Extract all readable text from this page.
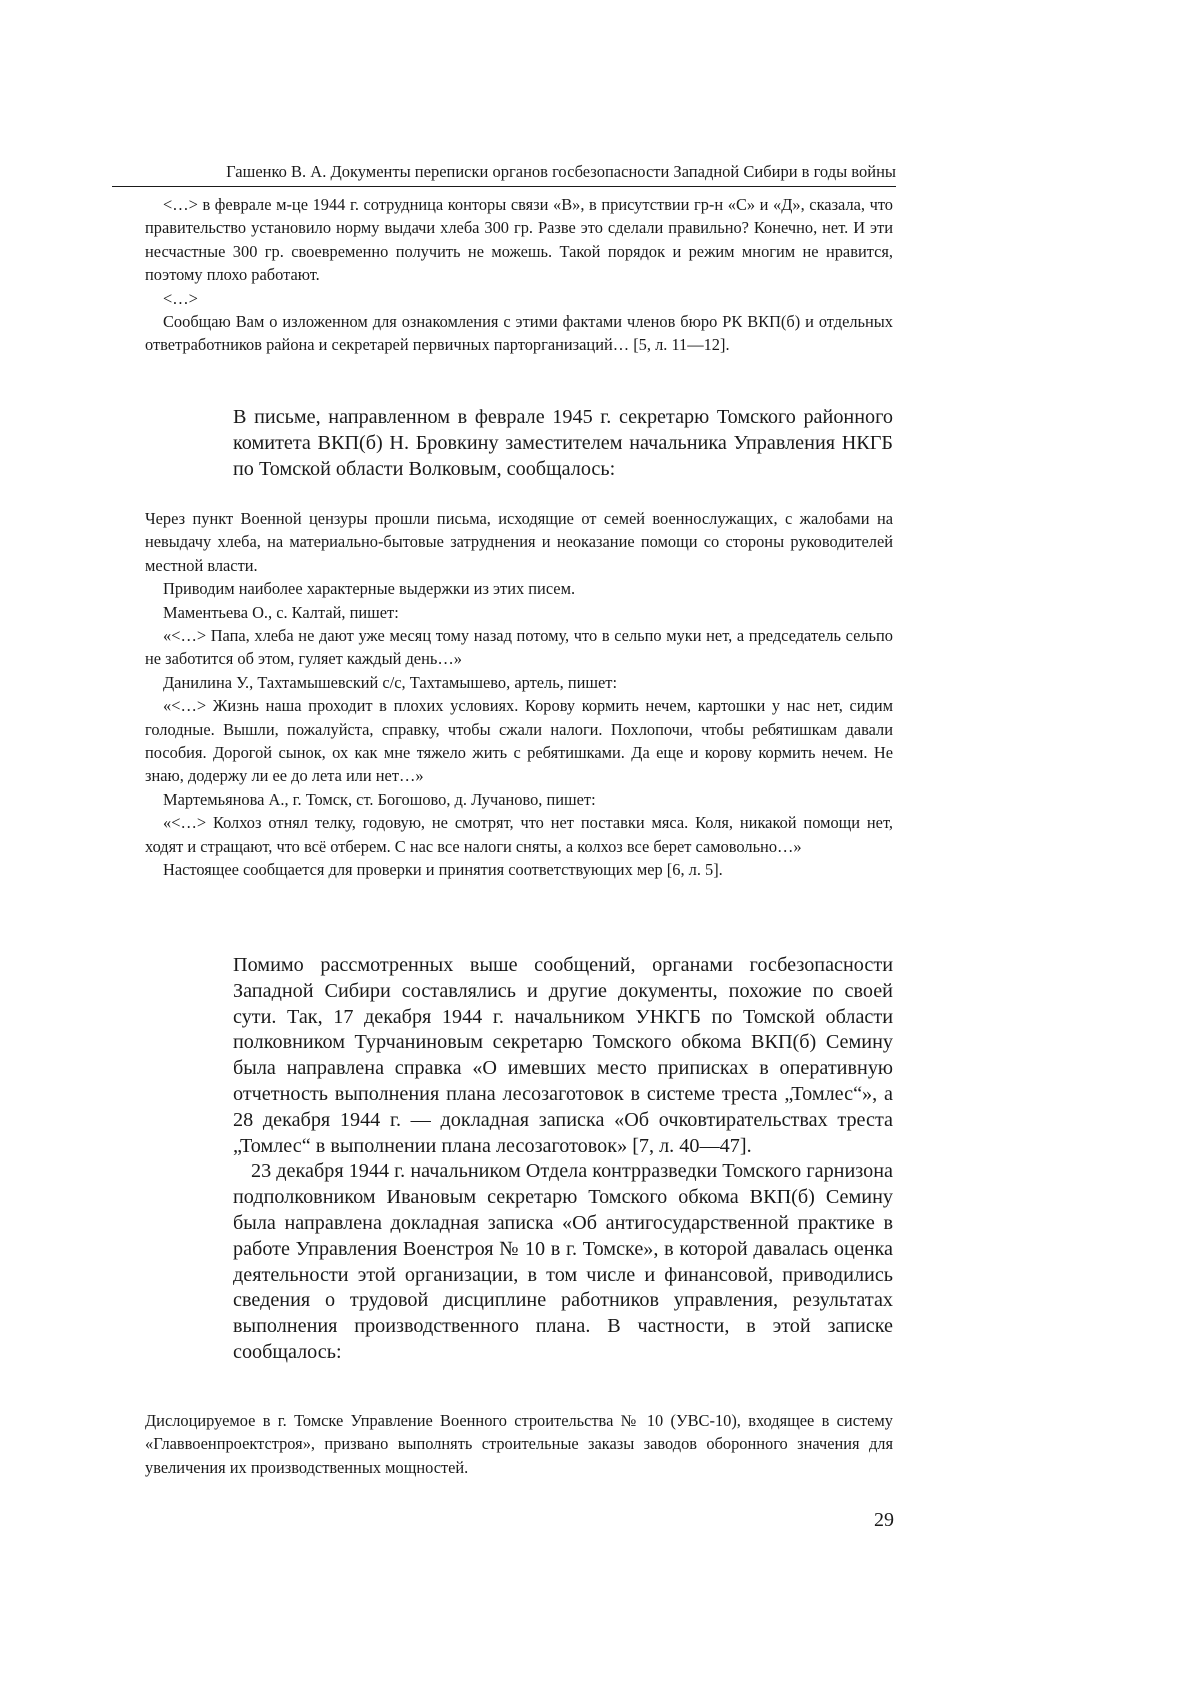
Гашенко В. А. Документы переписки органов госбезопасности Западной Сибири в годы войны

<…> в феврале м-це 1944 г. сотрудница конторы связи «В», в присутствии гр-н «С» и «Д», сказала, что правительство установило норму выдачи хлеба 300 гр. Разве это сделали правильно? Конечно, нет. И эти несчастные 300 гр. своевременно получить не можешь. Такой порядок и режим многим не нравится, поэтому плохо работают.

<…>

Сообщаю Вам о изложенном для ознакомления с этими фактами членов бюро РК ВКП(б) и отдельных ответработников района и секретарей первичных парторганизаций… [5, л. 11—12].

В письме, направленном в феврале 1945 г. секретарю Томского районного комитета ВКП(б) Н. Бровкину заместителем начальника Управления НКГБ по Томской области Волковым, сообщалось:

Через пункт Военной цензуры прошли письма, исходящие от семей военнослужащих, с жалобами на невыдачу хлеба, на материально-бытовые затруднения и неоказание помощи со стороны руководителей местной власти.

Приводим наиболее характерные выдержки из этих писем.

Маментьева О., с. Калтай, пишет:

«<…> Папа, хлеба не дают уже месяц тому назад потому, что в сельпо муки нет, а председатель сельпо не заботится об этом, гуляет каждый день…»

Данилина У., Тахтамышевский с/с, Тахтамышево, артель, пишет:

«<…> Жизнь наша проходит в плохих условиях. Корову кормить нечем, картошки у нас нет, сидим голодные. Вышли, пожалуйста, справку, чтобы сжали налоги. Похлопочи, чтобы ребятишкам давали пособия. Дорогой сынок, ох как мне тяжело жить с ребятишками. Да еще и корову кормить нечем. Не знаю, додержу ли ее до лета или нет…»

Мартемьянова А., г. Томск, ст. Богошово, д. Лучаново, пишет:

«<…> Колхоз отнял телку, годовую, не смотрят, что нет поставки мяса. Коля, никакой помощи нет, ходят и стращают, что всё отберем. С нас все налоги сняты, а колхоз все берет самовольно…»

Настоящее сообщается для проверки и принятия соответствующих мер [6, л. 5].

Помимо рассмотренных выше сообщений, органами госбезопасности Западной Сибири составлялись и другие документы, похожие по своей сути. Так, 17 декабря 1944 г. начальником УНКГБ по Томской области полковником Турчаниновым секретарю Томского обкома ВКП(б) Семину была направлена справка «О имевших место приписках в оперативную отчетность выполнения плана лесозаготовок в системе треста „Томлес“», а 28 декабря 1944 г. — докладная записка «Об очковтирательствах треста „Томлес“ в выполнении плана лесозаготовок» [7, л. 40—47].

23 декабря 1944 г. начальником Отдела контрразведки Томского гарнизона подполковником Ивановым секретарю Томского обкома ВКП(б) Семину была направлена докладная записка «Об антигосударственной практике в работе Управления Военстроя № 10 в г. Томске», в которой давалась оценка деятельности этой организации, в том числе и финансовой, приводились сведения о трудовой дисциплине работников управления, результатах выполнения производственного плана. В частности, в этой записке сообщалось:

Дислоцируемое в г. Томске Управление Военного строительства № 10 (УВС-10), входящее в систему «Главвоенпроектстроя», призвано выполнять строительные заказы заводов оборонного значения для увеличения их производственных мощностей.

29
